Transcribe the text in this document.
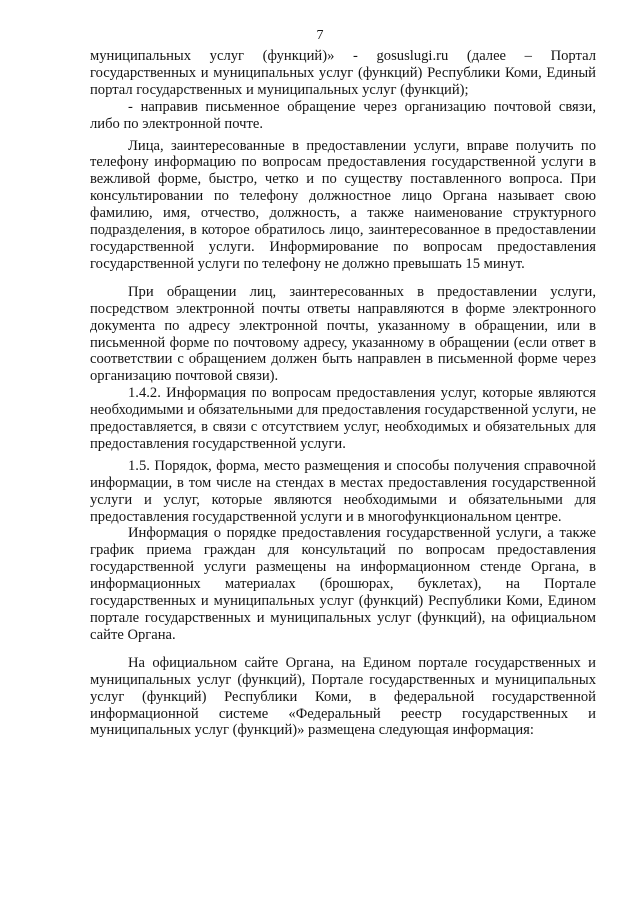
7

муниципальных услуг (функций)» - gosuslugi.ru (далее – Портал государственных и муниципальных услуг (функций) Республики Коми, Единый портал государственных и муниципальных услуг (функций);

- направив письменное обращение через организацию почтовой связи, либо по электронной почте.

Лица, заинтересованные в предоставлении услуги, вправе получить по телефону информацию по вопросам предоставления государственной услуги в вежливой форме, быстро, четко и по существу поставленного вопроса. При консультировании по телефону должностное лицо Органа называет свою фамилию, имя, отчество, должность, а также наименование структурного подразделения, в которое обратилось лицо, заинтересованное в предоставлении государственной услуги. Информирование по вопросам предоставления государственной услуги по телефону не должно превышать 15 минут.

При обращении лиц, заинтересованных в предоставлении услуги, посредством электронной почты ответы направляются в форме электронного документа по адресу электронной почты, указанному в обращении, или в письменной форме по почтовому адресу, указанному в обращении (если ответ в соответствии с обращением должен быть направлен в письменной форме через организацию почтовой связи).

1.4.2. Информация по вопросам предоставления услуг, которые являются необходимыми и обязательными для предоставления государственной услуги, не предоставляется, в связи с отсутствием услуг, необходимых и обязательных для предоставления государственной услуги.

1.5. Порядок, форма, место размещения и способы получения справочной информации, в том числе на стендах в местах предоставления государственной услуги и услуг, которые являются необходимыми и обязательными для предоставления государственной услуги и в многофункциональном центре.

Информация о порядке предоставления государственной услуги, а также график приема граждан для консультаций по вопросам предоставления государственной услуги размещены на информационном стенде Органа, в информационных материалах (брошюрах, буклетах), на Портале государственных и муниципальных услуг (функций) Республики Коми, Едином портале государственных и муниципальных услуг (функций), на официальном сайте Органа.

На официальном сайте Органа, на Едином портале государственных и муниципальных услуг (функций), Портале государственных и муниципальных услуг (функций) Республики Коми, в федеральной государственной информационной системе «Федеральный реестр государственных и муниципальных услуг (функций)» размещена следующая информация:
